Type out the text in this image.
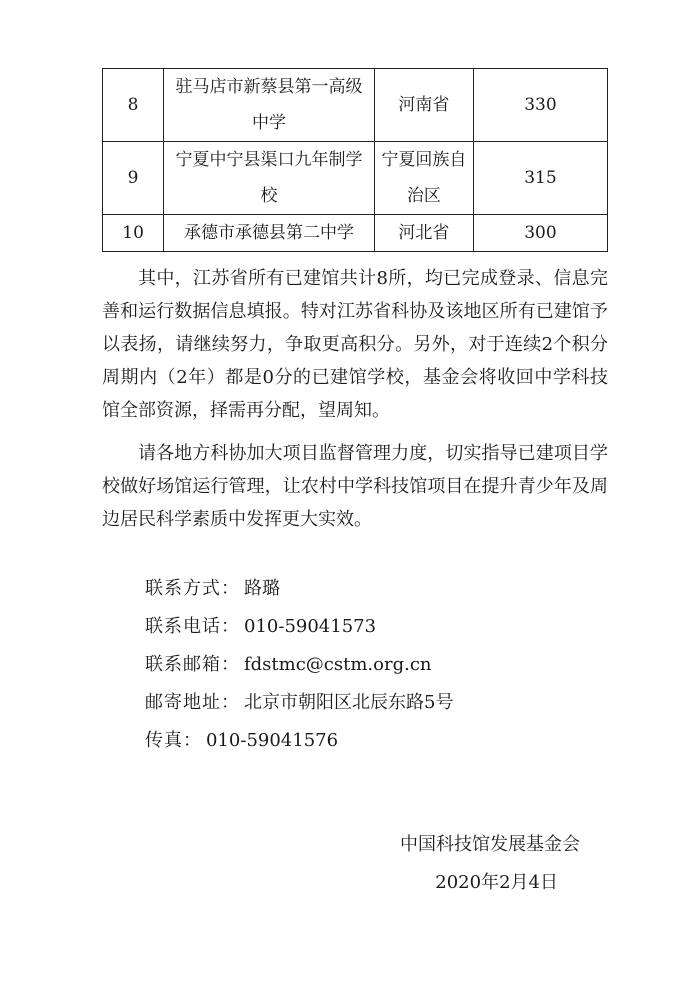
8	驻马店市新蔡县第一高级中学	河南省	330
9	宁夏中宁县渠口九年制学校	宁夏回族自治区	315
10	承德市承德县第二中学	河北省	300

其中，江苏省所有已建馆共计8所，均已完成登录、信息完善和运行数据信息填报。特对江苏省科协及该地区所有已建馆予以表扬，请继续努力，争取更高积分。另外，对于连续2个积分周期内（2年）都是0分的已建馆学校，基金会将收回中学科技馆全部资源，择需再分配，望周知。

请各地方科协加大项目监督管理力度，切实指导已建项目学校做好场馆运行管理，让农村中学科技馆项目在提升青少年及周边居民科学素质中发挥更大实效。

联系方式： 路璐
联系电话： 010-59041573
联系邮箱： fdstmc@cstm.org.cn
邮寄地址： 北京市朝阳区北辰东路5号
传真： 010-59041576
中国科技馆发展基金会
2020年2月4日
